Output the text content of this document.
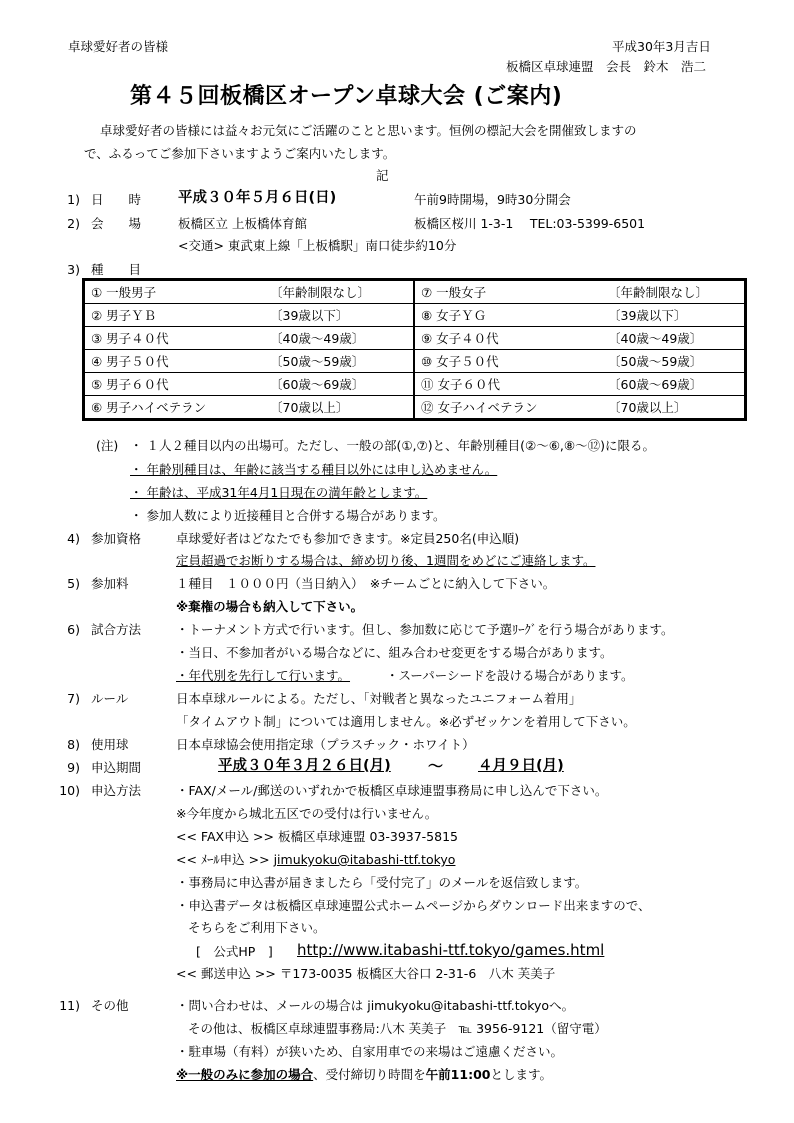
卓球愛好者の皆様	平成30年3月吉日
板橋区卓球連盟　会長　鈴木　浩二
第４５回板橋区オープン卓球大会 (ご案内)
卓球愛好者の皆様には益々お元気にご活躍のことと思います。恒例の標記大会を開催致しますの
で、ふるってご参加下さいますようご案内いたします。
記
1) 日　　時	平成３０年５月６日(日)	午前9時開場，9時30分開会
2) 会　　場	板橋区立 上板橋体育館	板橋区桜川 1-3-1　 TEL:03-5399-6501
<交通> 東武東上線「上板橋駅」南口徒歩約10分
3) 種　　目
① 一般男子	〔年齢制限なし〕	⑦ 一般女子	〔年齢制限なし〕
② 男子ＹＢ	〔39歳以下〕	⑧ 女子ＹＧ	〔39歳以下〕
③ 男子４０代	〔40歳〜49歳〕	⑨ 女子４０代	〔40歳〜49歳〕
④ 男子５０代	〔50歳〜59歳〕	⑩ 女子５０代	〔50歳〜59歳〕
⑤ 男子６０代	〔60歳〜69歳〕	⑪ 女子６０代	〔60歳〜69歳〕
⑥ 男子ハイベテラン	〔70歳以上〕	⑫ 女子ハイベテラン	〔70歳以上〕
(注) ・ １人２種目以内の出場可。ただし、一般の部(①,⑦)と、年齢別種目(②〜⑥,⑧〜⑫)に限る。
・ 年齢別種目は、年齢に該当する種目以外には申し込めません。
・ 年齢は、平成31年4月1日現在の満年齢とします。
・ 参加人数により近接種目と合併する場合があります。
4) 参加資格	卓球愛好者はどなたでも参加できます。※定員250名(申込順)
定員超過でお断りする場合は、締め切り後、1週間をめどにご連絡します。
5) 参加料	１種目　１０００円（当日納入）　※チームごとに納入して下さい。
※棄権の場合も納入して下さい。
6) 試合方法	・トーナメント方式で行います。但し、参加数に応じて予選ﾘｰｸﾞを行う場合があります。
・当日、不参加者がいる場合などに、組み合わせ変更をする場合があります。
・年代別を先行して行います。	・スーパーシードを設ける場合があります。
7) ルール	日本卓球ルールによる。ただし、「対戦者と異なったユニフォーム着用」
「タイムアウト制」については適用しません。※必ずゼッケンを着用して下さい。
8) 使用球	日本卓球協会使用指定球（プラスチック・ホワイト）
9) 申込期間	平成３０年３月２６日(月) 〜 ４月９日(月)
10) 申込方法	・FAX/メール/郵送のいずれかで板橋区卓球連盟事務局に申し込んで下さい。
※今年度から城北五区での受付は行いません。
<< FAX申込 >> 板橋区卓球連盟 03-3937-5815
<< ﾒｰﾙ申込 >> jimukyoku@itabashi-ttf.tokyo
・事務局に申込書が届きましたら「受付完了」のメールを返信致します。
・申込書データは板橋区卓球連盟公式ホームページからダウンロード出来ますので、
そちらをご利用下さい。
[　公式HP　] http://www.itabashi-ttf.tokyo/games.html
<< 郵送申込 >> 〒173-0035 板橋区大谷口 2-31-6　八木 芙美子
11) その他	・問い合わせは、メールの場合は jimukyoku@itabashi-ttf.tokyoへ。
その他は、板橋区卓球連盟事務局:八木 芙美子　℡ 3956-9121（留守電）
・駐車場（有料）が狭いため、自家用車での来場はご遠慮ください。
※一般のみに参加の場合、受付締切り時間を午前11:00とします。
